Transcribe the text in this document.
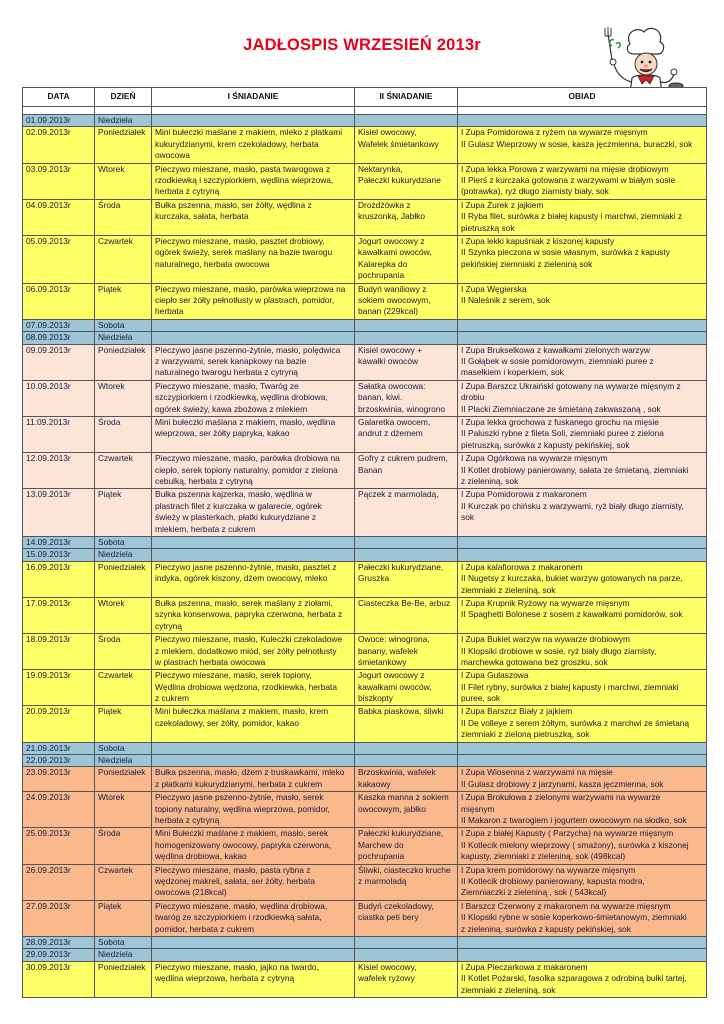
JADŁOSPIS WRZESIEŃ 2013r
DATA	DZIEŃ	I ŚNIADANIE	II ŚNIADANIE	OBIAD

01.09.2013r	Niedziela			
02.09.2013r	Poniedziałek	Mini bułeczki maślane z makiem, mleko z płatkami
kukurydzianymi, krem czekoladowy, herbata
owocowa	Kisiel owocowy,
Wafelek śmietankowy	I Zupa Pomidorowa z ryżem na wywarze mięsnym
II Gulasz Wieprzowy w sosie, kasza jęczmienna, buraczki, sok

03.09.2013r	Wtorek	Pieczywo mieszane, masło, pasta twarogowa z
rzodkiewką i szczypiorkiem, wędlina wieprzowa,
herbata z cytryną	Nektarynka,
Pałeczki kukurydziane	I Zupa lekka Porowa z warzywami na mięsie drobiowym
II Pierś z kurczaka gotowana z warzywami w białym sosie
(potrawka), ryż długo ziarnisty biały, sok

04.09.2013r	Środa	Bułka pszenna, masło, ser żółty, wędlina z
kurczaka, sałata, herbata	Drożdżówka z
kruszonką, Jabłko	I Zupa Żurek z jajkiem
II Ryba filet, surówka z białej kapusty i marchwi, ziemniaki z
pietruszką sok

05.09.2013r	Czwartek	Pieczywo mieszane, masło, pasztet drobiowy,
ogórek świeży, serek maślany na bazie twarogu
naturalnego, herbata owocowa	Jogurt owocowy z
kawałkami owoców,
Kalarepka do
pochrupania	I Zupa lekki kapuśniak z kiszonej kapusty
II Szynka pieczona w sosie własnym, surówka z kapusty
pekińskiej ziemniaki z zieleniną sok

06.09.2013r	Piątek	Pieczywo mieszane, masło, parówka wieprzowa na
ciepło ser żółty pełnotłusty w plastrach, pomidor,
herbata	Budyń waniliowy z
sokiem owocowym,
banan (229kcal)	I Zupa Węgierska
II Naleśnik z serem, sok

07.09.2013r	Sobota			
08.09.2013r	Niedziela			
09.09.2013r	Poniedziałek	Pieczywo jasne pszenno-żytnie, masło, polędwica
z warzywami, serek kanapkowy na bazie
naturalnego twarogu herbata z cytryną	Kisiel owocowy +
kawałki owoców	I Zupa Brukselkowa z kawałkami zielonych warzyw
II Gołąbek w sosie pomidorowym, ziemniaki puree z
masełkiem i koperkiem, sok

10.09.2013r	Wtorek	Pieczywo mieszane, masło, Twaróg ze
szczypiorkiem i rzodkiewką, wędlina drobiowa,
ogórek świeży, kawa zbożowa z mlekiem	Sałatka owocowa:
banan, kiwi.
brzoskwinia, winogrono	I Zupa Barszcz Ukraiński gotowany na wywarze mięsnym z
drobiu
II Placki Ziemniaczane ze śmietaną zakwaszaną , sok

11.09.2013r	Środa	Mini bułeczki maślana z makiem, masło, wędlina
wieprzowa, ser żółty papryka, kakao	Galaretka owocem,
andrut z dżemem	I Zupa lekka grochowa z fuskanego grochu na mięsie
II Paluszki rybne z fileta Soli, ziemniaki puree z zielona
pietruszką, surówka z kapusty pekińskiej, sok

12.09.2013r	Czwartek	Pieczywo mieszane, masło, parówka drobiowa na
ciepło, serek topiony naturalny, pomidor z zielona
cebulką, herbata z cytryną	Gofry z cukrem pudrem,
Banan	I Zupa Ogórkowa na wywarze mięsnym
II Kotlet drobiowy panierowany, sałata ze śmietaną, ziemniaki
z zieleniną, sok

13.09.2013r	Piątek	Bułka pszenna kajzerka, masło, wędlina w
plastrach filet z kurczaka w galarecie, ogórek
świeży w plasterkach, płatki kukurydziane z
mlekiem, herbata z cukrem	Pączek z marmoladą,	I Zupa Pomidorowa z makaronem
II Kurczak po chińsku z warzywami, ryż biały długo ziarnisty,
sok

14.09.2013r	Sobota			
15.09.2013r	Niedziela			
16.09.2013r	Poniedziałek	Pieczywo jasne pszenno-żytnie, masło, pasztet z
indyka, ogórek kiszony, dżem owocowy, mleko	Pałeczki kukurydziane,
Gruszka	I Zupa kalafiorowa z makaronem
II Nugetsy z kurczaka, bukiet warzyw gotowanych na parze,
ziemniaki z zieleniną, sok

17.09.2013r	Wtorek	Bułka pszenna, masło, serek maślany z ziołami,
szynka konserwowa, papryka czerwona, herbata z
cytryną	Ciasteczka Be-Be, arbuz	I Zupa Krupnik Ryżowy na wywarze mięsnym
II Spaghetti Bolonese z sosem z kawałkami pomidorów, sok

18.09.2013r	Środa	Pieczywo mieszane, masło, Kuleczki czekoladowe
z mlekiem, dodatkowo miód, ser żółty pełnotłusty
w plastrach herbata owocowa	Owoce: winogrona,
banany, wafelek
śmietankowy	I Zupa Bukiet warzyw na wywarze drobiowym
II Klopsiki drobiowe w sosie, ryż biały długo ziarnisty,
marchewka gotowana bez groszku, sok

19.09.2013r	Czwartek	Pieczywo mieszane, masło, serek topiony,
Wędlina drobiowa wędzona, rzodkiewka, herbata
z cukrem	Jogurt owocowy z
kawałkami owoców,
biszkopty	I Zupa Gulaszowa
II Filet rybny, surówka z białej kapusty i marchwi, ziemniaki
puree, sok

20.09.2013r	Piątek	Mini bułeczka maślana z makiem, masło, krem
czekoladowy, ser żółty, pomidor, kakao	Babka piaskowa, śliwki	I Zupa Barszcz Biały z jajkiem
II De volleye z serem żółtym, surówka z marchwi ze śmietaną
ziemniaki z zieloną pietruszką, sok

21.09.2013r	Sobota			
22.09.2013r	Niedziela			
23.09.2013r	Poniedziałek	Bułka pszenna, masło, dżem z truskawkami, mleko
z płatkami kukurydzianymi, herbata z cukrem	Brzoskwinia, wafelek
kakaowy	I Zupa Wiosenna z warzywami na mięsie
II Gulasz drobiowy z jarzynami, kasza jęczmienna, sok

24.09.2013r	Wtorek	Pieczywo jasne pszenno-żytnie, masło, serek
topiony naturalny, wędlina wieprzowa, pomidor,
herbata z cytryną	Kaszka manna z sokiem
owocowym, jabłko	I Zupa Brokułowa z zielonymi warzywami na wywarze
mięsnym
II Makaron z twarogiem i jogurtem owocowym na słodko, sok

25.09.2013r	Środa	Mini Bułeczki maślane z makiem, masło, serek
homogenizowany owocowy, papryka czerwona,
wędlina drobiowa, kakao	Pałeczki kukurydziane,
Marchew do
pochrupania	I Zupa z białej Kapusty ( Parzycha) na wywarze mięsnym
II Kotlecik mielony wieprzowy ( smażony), surówka z kiszonej
kapusty, ziemniaki z zieleniną, sok (498kcal)

26.09.2013r	Czwartek	Pieczywo mieszane, masło, pasta rybna z
wędzonej makreli, sałata, ser żółty, herbata
owocowa (218kcal)	Śliwki, ciasteczko kruche
z marmoladą	I Zupa krem pomidorowy na wywarze mięsnym
II Kotlecik drobiowy panierowany, kapusta modra,
Ziemniaczki z zieleniną , sok ( 543kcal)

27.09.2013r	Piątek	Pieczywo mieszane, masło, wędlina drobiowa,
twaróg ze szczypiorkiem i rzodkiewką sałata,
pomidor, herbata z cukrem	Budyń czekoladowy,
ciastka peti bery	I Barszcz Czerwony z makaronem na wywarze mięsnym
II Klopsiki rybne w sosie koperkowo-śmietanowym, ziemniaki
z zieleniną, surówka z kapusty pekińskiej, sok

28.09.2013r	Sobota			
29.09.2013r	Niedziela			
30.09.2013r	Poniedziałek	Pieczywo mieszane, masło, jajko na twardo,
wędlina wieprzowa, herbata z cytryną	Kisiel owocowy,
wafelek ryżowy	I Zupa Pieczarkowa z makaronem
II Kotlet Pożarski, fasolka szparagowa z odrobiną bułki tartej,
ziemniaki z zieleniną, sok
